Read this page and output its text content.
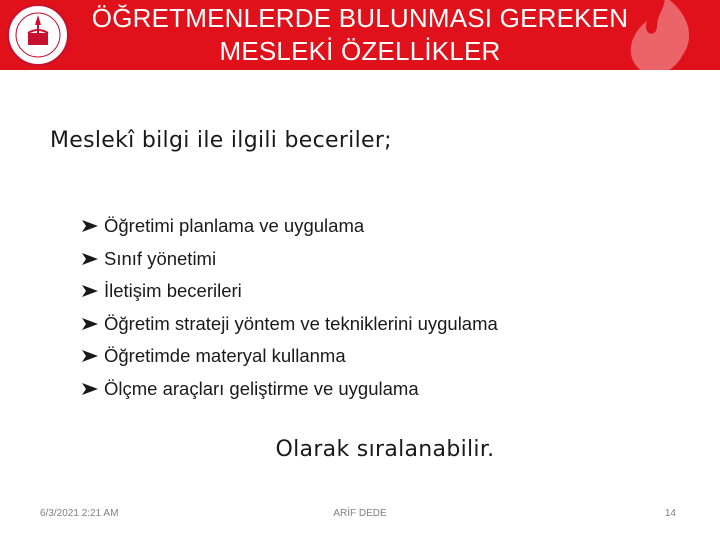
ÖĞRETMENLERDE BULUNMASI GEREKEN
MESLEKİ ÖZELLİKLER
Meslekî bilgi ile ilgili beceriler;
Öğretimi planlama ve uygulama
Sınıf yönetimi
İletişim becerileri
Öğretim strateji yöntem ve tekniklerini uygulama
Öğretimde materyal kullanma
Ölçme araçları geliştirme ve uygulama
Olarak sıralanabilir.
6/3/2021 2:21 AM	ARİF DEDE	14
